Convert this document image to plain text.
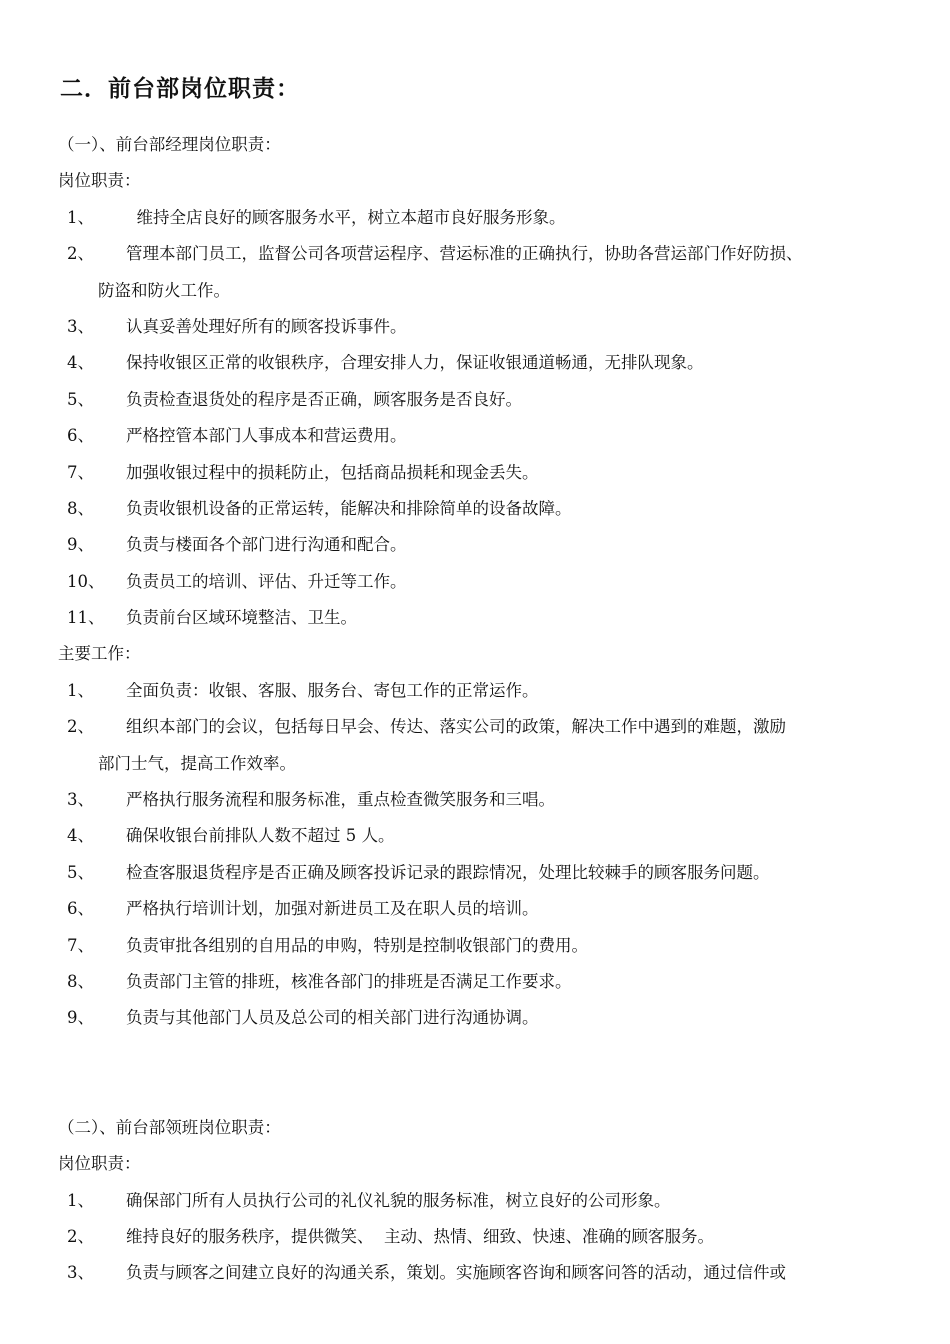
二．前台部岗位职责：
（一）、前台部经理岗位职责：
岗位职责：
1、 维持全店良好的顾客服务水平，树立本超市良好服务形象。
2、 管理本部门员工，监督公司各项营运程序、营运标准的正确执行，协助各营运部门作好防损、
防盗和防火工作。
3、 认真妥善处理好所有的顾客投诉事件。
4、 保持收银区正常的收银秩序，合理安排人力，保证收银通道畅通，无排队现象。
5、 负责检查退货处的程序是否正确，顾客服务是否良好。
6、 严格控管本部门人事成本和营运费用。
7、 加强收银过程中的损耗防止，包括商品损耗和现金丢失。
8、 负责收银机设备的正常运转，能解决和排除简单的设备故障。
9、 负责与楼面各个部门进行沟通和配合。
10、 负责员工的培训、评估、升迁等工作。
11、 负责前台区域环境整洁、卫生。
主要工作：
1、 全面负责：收银、客服、服务台、寄包工作的正常运作。
2、 组织本部门的会议，包括每日早会、传达、落实公司的政策，解决工作中遇到的难题，激励
部门士气，提高工作效率。
3、 严格执行服务流程和服务标准，重点检查微笑服务和三唱。
4、 确保收银台前排队人数不超过 5 人。
5、 检查客服退货程序是否正确及顾客投诉记录的跟踪情况，处理比较棘手的顾客服务问题。
6、 严格执行培训计划，加强对新进员工及在职人员的培训。
7、 负责审批各组别的自用品的申购，特别是控制收银部门的费用。
8、 负责部门主管的排班，核准各部门的排班是否满足工作要求。
9、 负责与其他部门人员及总公司的相关部门进行沟通协调。
（二）、前台部领班岗位职责：
岗位职责：
1、 确保部门所有人员执行公司的礼仪礼貌的服务标准，树立良好的公司形象。
2、 维持良好的服务秩序，提供微笑、  主动、热情、细致、快速、准确的顾客服务。
3、 负责与顾客之间建立良好的沟通关系，策划。实施顾客咨询和顾客问答的活动，通过信件或
